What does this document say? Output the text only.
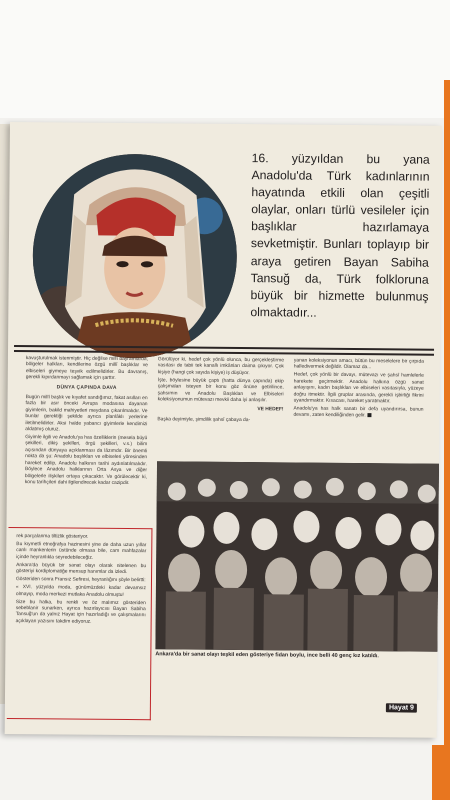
16. yüzyıldan bu yana Anadolu'da Türk kadınlarının hayatında etkili olan çeşitli olaylar, onları türlü vesileler için başlıklar hazırlamaya sevketmiştir. Bunları toplayıp bir araya getiren Bayan Sabiha Tansuğ da, Türk folkloruna büyük bir hizmette bulunmuş olmaktadır...

kavuşturulmak istenmiştir. Hiç değilse millî bayramlarda, bölgeler halkları, kendilerine özgü millî başlıklar ve elbiseleri giymeye teşvik edilmelidirler. Bu davranış, gerekli kıpırdanmayı sağlamak için şarttır.

DÜNYA ÇAPINDA DAVA

Bugün millî başlık ve kıyafet sandığımız, fakat asılları en fazla bir asır önceki Avrupa modasına dayanan giyimlerin, bakild mahiyetleri meydana çıkarılmalıdır. Ve bunlar gerektiği şekilde ayrıca planlâklı yerlerine iletilmelidirler. Aksi halde yabancı giyimlerle kendimizi aldatmış oluruz.

Giyimle ilgili ve Anadolu'ya has özelliklerin (mesela büyü şekilleri, dikiş şekilleri, örgü şekilleri, v.s.) bilim açısından dünyaya açıklanması da lâzımdır. Bir önemli nokta da şu: Anadolu başlıkları ve elbiseleri yöresinden hareket edilip, Anadolu halkının tarihi aydınlatılmalıdır. Böylece Anadolu halklarının Orta Asya ve diğer bölgelerle ilişkileri ortaya çıkacaktır. Ve görülecektir ki, konu tarihçileri dahi ilgilendirecek kadar cazipdir.

Görülüyor ki, hedef çok yönlü olunca, bu gerçekleştirme vasıtası de tabii tek kanallı imkânları daima çıkıyor. Çok kişiye (hangi çok sayıda kişiye) iş düşüyor.

İşte, böylesine büyük çaptı (hatta dünya çapında) ekip çalışmaları isteyen bir konu göz önüne getirilince, şahsımın ve Anadolu Başlıkları ve Elbiseleri koleksiyonumun mütevazı mevkii daha iyi anlaşılır.

VE HEDEF!

Başka deyimiyle, şimdilik şahsî çabaya da-

yanan koleksiyonun amacı, bütün bu meselelere bir çırpıda halledivermek değildir. Olamaz da...

Hedef, çok yönlü bir davayı, mütevazı ve şahsî hamlelerle harekete geçirmektir. Anadolu halkına özgü sanat anlayışını, kadın başlıkları ve elbiseleri vasıtasıyla, yüzeye doğru itmektir. İlgili gruplar arasında, gerekli işbirliği fikrini uyandırmaktır. Kısacası, hareket yaratmaktır.

Anadolu'ya has halk sanatı bir defa uyandırırsa, bunun devamı, zaten kendiliğinden gelir.

Ankara'da bir sanat olayı teşkil eden gösteriye fidan boylu, ince belli 40 genç kız katıldı.

rek parçalanma tiltizlik gösteriyor.

Bu kıymetli etnoğrafya hazinesini yine de daha uzun yıllar canlı mankenlerin üstünde olmasa bile, cam mahfazalar içinde heyranlıkla seyredebileceğiz.

Ankara'da büyük bir sanat olayı olarak nitelenen bu gösteriyi kordiplomatiğe mensup hanımlar da izledi.

Gösteriden sonra Fransız Sefiresi, heyranlığını şöyle belirtti:

« XVI. yüzyılda moda, günümüzdeki kadar devamsız olmayıp, moda merkezi mutlaka Anadolu olmuştu!

Size bu halka, bu renkli ve öz malımız gösteriden sebeblanir sunarken, ayrıca hazırlayıcısı Bayan Sabiha Tansuğ'un da yalnız Hayat için hazırladığı ve çalışmalarını açıklayan yazısını takdim ediyoruz.

Hayat 9
